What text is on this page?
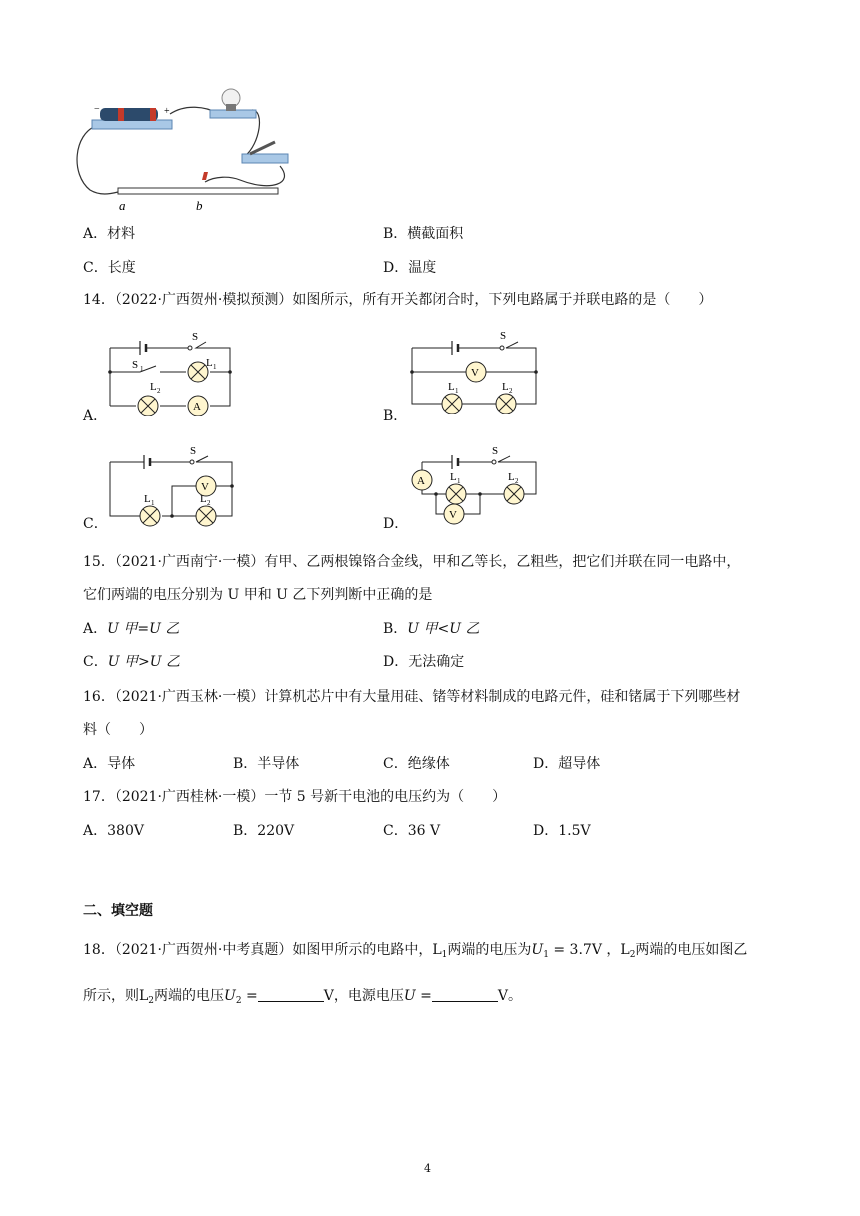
−	+
a	b
A．材料	B．横截面积
C．长度	D．温度
14．（2022·广西贺州·模拟预测）如图所示，所有开关都闭合时，下列电路属于并联电路的是（　　）
A．
A
S
S 1	L 1
L 2
B．
V
S
L 1	L 2
C．
V
S
L 1	L 2
D．
A
V
S
L 1	L 2
15．（2021·广西南宁·一模）有甲、乙两根镍铬合金线，甲和乙等长，乙粗些，把它们并联在同一电路中，
它们两端的电压分别为 U 甲和 U 乙下列判断中正确的是
A．U 甲=U 乙	B．U 甲<U 乙
C．U 甲>U 乙	D．无法确定
16．（2021·广西玉林·一模）计算机芯片中有大量用硅、锗等材料制成的电路元件，硅和锗属于下列哪些材
料（　　）
A．导体	B．半导体	C．绝缘体	D．超导体
17．（2021·广西桂林·一模）一节 5 号新干电池的电压约为（　　）
A．380V	B．220V	C．36 V	D．1.5V
二、填空题
18．（2021·广西贺州·中考真题）如图甲所示的电路中，$L_1$两端的电压为$U_1 = 3.7V$ ，$L_2$两端的电压如图乙
所示，则$L_2$两端的电压$U_2$ =	V，电源电压U =	V。
4
